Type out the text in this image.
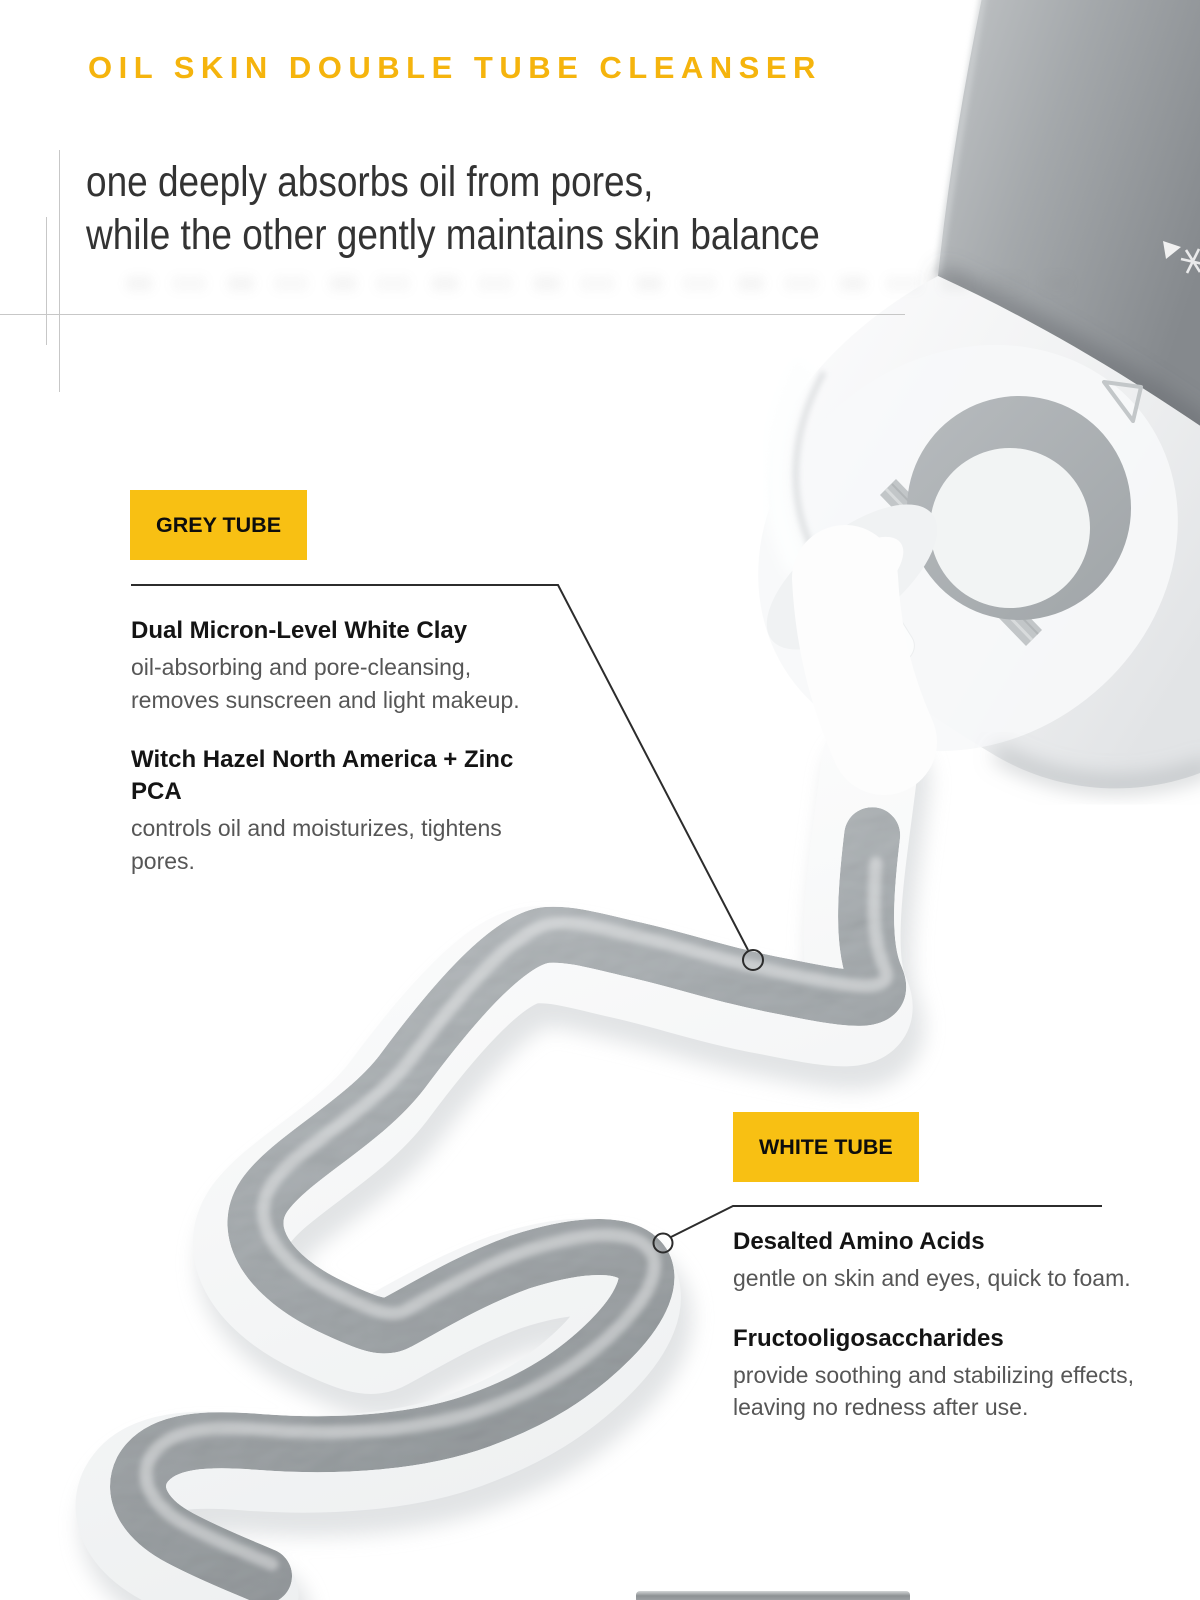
OIL SKIN DOUBLE TUBE CLEANSER
one deeply absorbs oil from pores,
while the other gently maintains skin balance
GREY TUBE

Dual Micron-Level White Clay

oil-absorbing and pore-cleansing, removes sunscreen and light makeup.

Witch Hazel North America + Zinc PCA

controls oil and moisturizes, tightens pores.

WHITE TUBE

Desalted Amino Acids

gentle on skin and eyes, quick to foam.

Fructooligosaccharides

provide soothing and stabilizing effects, leaving no redness after use.
